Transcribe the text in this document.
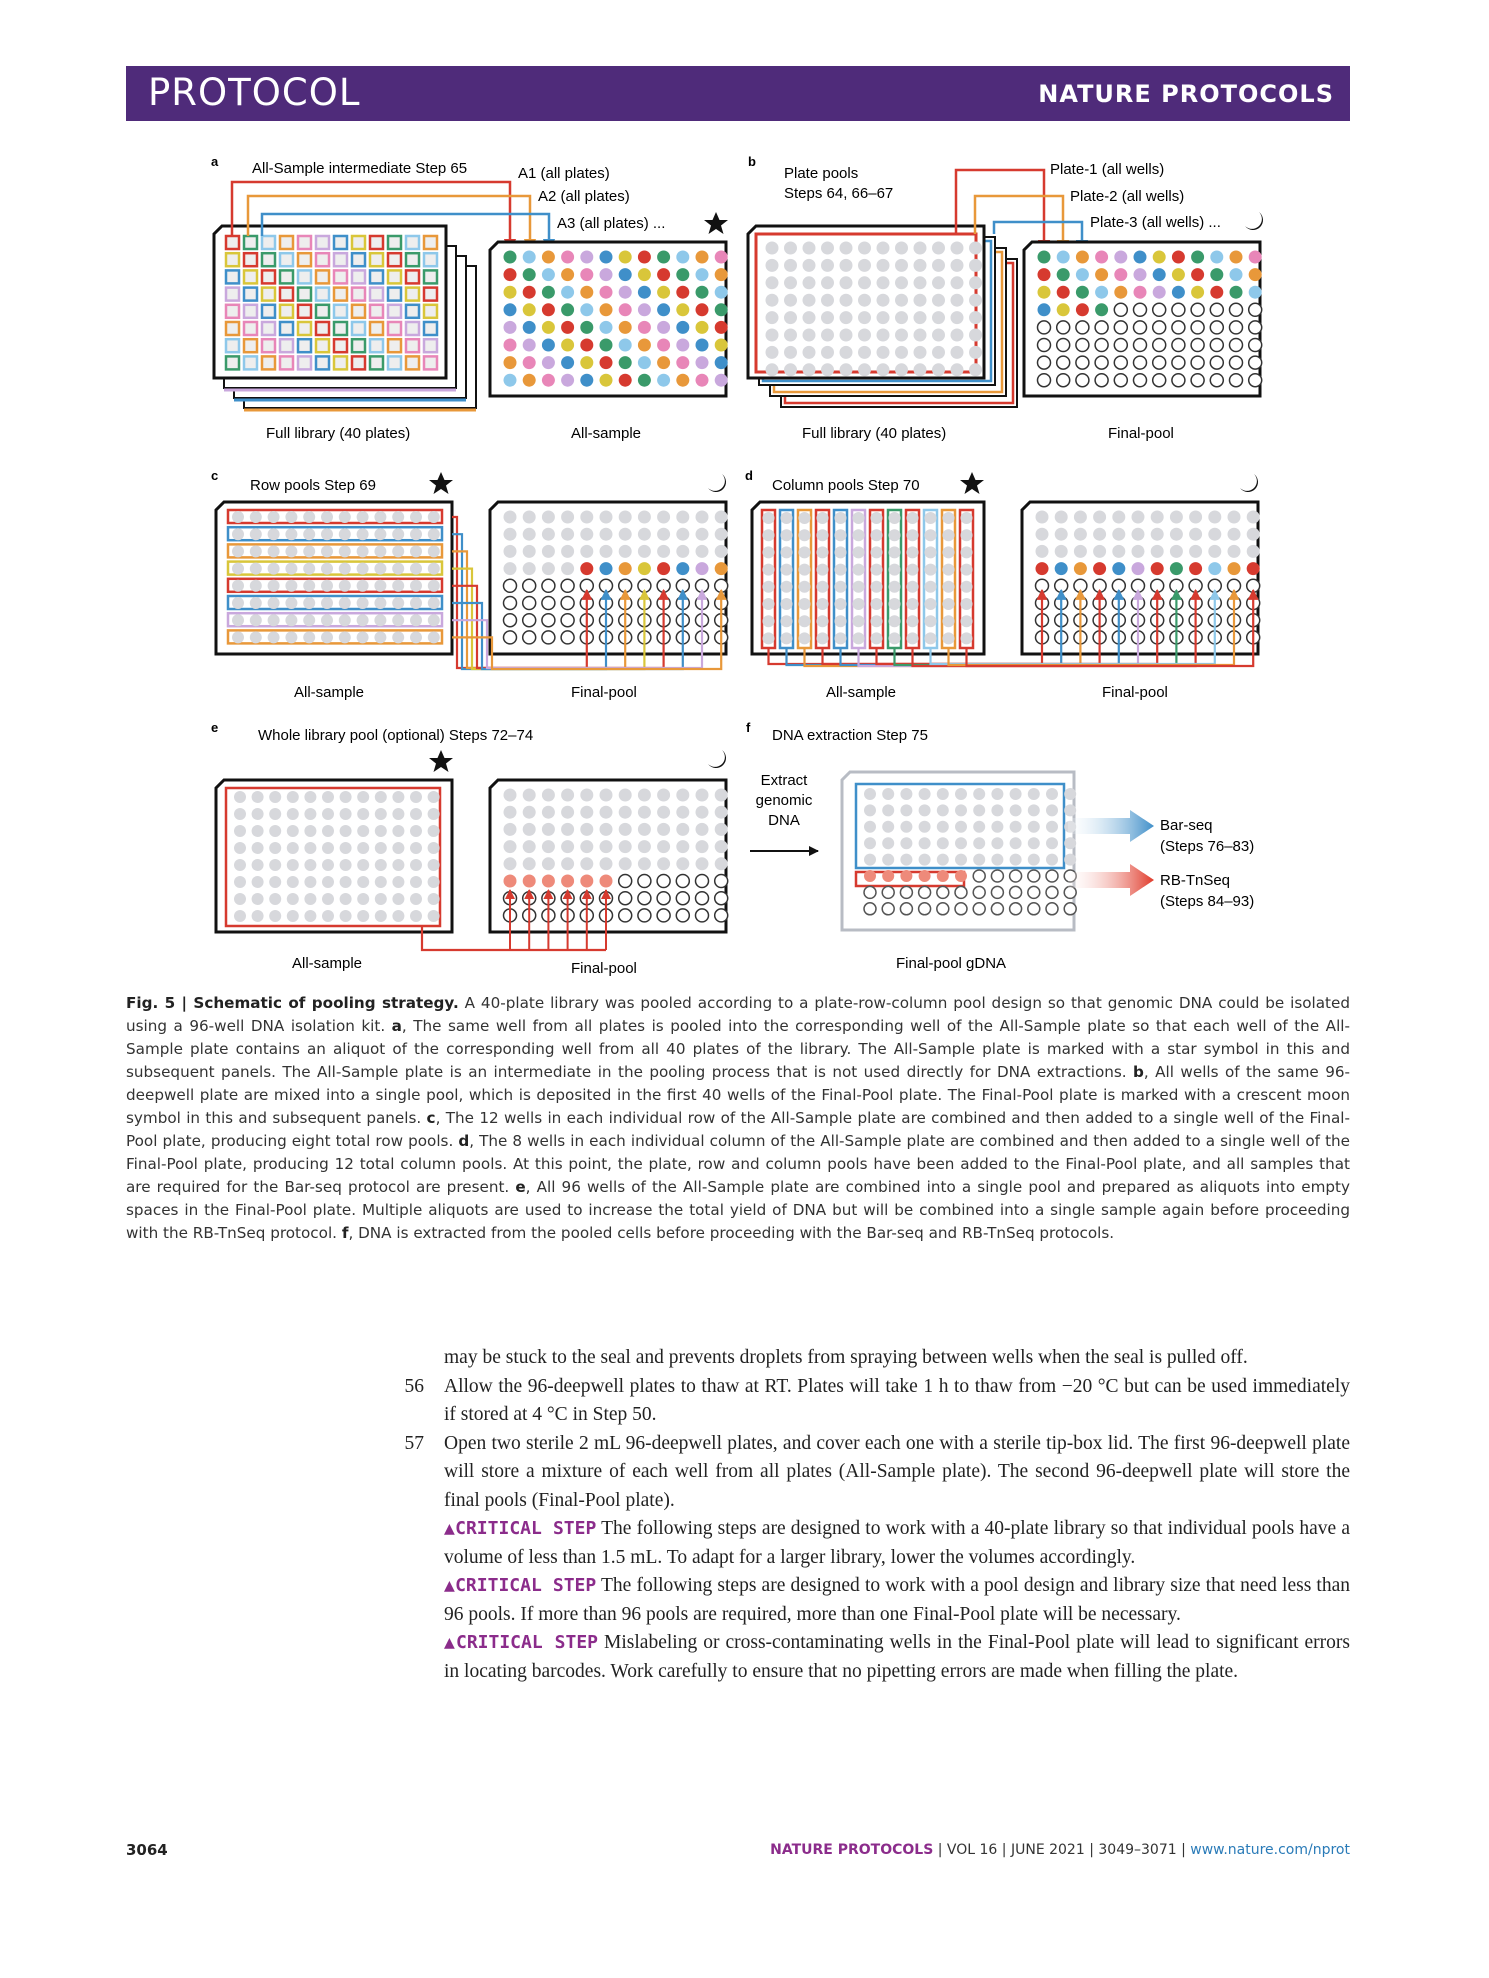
PROTOCOL	NATURE PROTOCOLS
a All-Sample intermediate Step 65	A1 (all plates)
A2 (all plates)
A3 (all plates) ...
Full library (40 plates)	All-sample
b
Plate pools
Steps 64, 66–67
Plate-1 (all wells)
Plate-2 (all wells)
Plate-3 (all wells) ...
Full library (40 plates)	Final-pool
c
Row pools Step 69
All-sample	Final-pool
d
Column pools Step 70
All-sample	Final-pool
e	Whole library pool (optional) Steps 72–74
All-sample	Final-pool
f DNA extraction Step 75
Extract
genomic
DNA	Bar-seq
(Steps 76–83)
RB-TnSeq
(Steps 84–93)
Final-pool gDNA
Fig. 5 | Schematic of pooling strategy. A 40-plate library was pooled according to a plate-row-column pool design so that genomic DNA could be isolated using a 96-well DNA isolation kit. a, The same well from all plates is pooled into the corresponding well of the All-Sample plate so that each well of the All-Sample plate contains an aliquot of the corresponding well from all 40 plates of the library. The All-Sample plate is marked with a star symbol in this and subsequent panels. The All-Sample plate is an intermediate in the pooling process that is not used directly for DNA extractions. b, All wells of the same 96-deepwell plate are mixed into a single pool, which is deposited in the first 40 wells of the Final-Pool plate. The Final-Pool plate is marked with a crescent moon symbol in this and subsequent panels. c, The 12 wells in each individual row of the All-Sample plate are combined and then added to a single well of the Final-Pool plate, producing eight total row pools. d, The 8 wells in each individual column of the All-Sample plate are combined and then added to a single well of the Final-Pool plate, producing 12 total column pools. At this point, the plate, row and column pools have been added to the Final-Pool plate, and all samples that are required for the Bar-seq protocol are present. e, All 96 wells of the All-Sample plate are combined into a single pool and prepared as aliquots into empty spaces in the Final-Pool plate. Multiple aliquots are used to increase the total yield of DNA but will be combined into a single sample again before proceeding with the RB-TnSeq protocol. f, DNA is extracted from the pooled cells before proceeding with the Bar-seq and RB-TnSeq protocols.
may be stuck to the seal and prevents droplets from spraying between wells when the seal is pulled off.
56 Allow the 96-deepwell plates to thaw at RT. Plates will take 1 h to thaw from −20 °C but can be used immediately if stored at 4 °C in Step 50.
57 Open two sterile 2 mL 96-deepwell plates, and cover each one with a sterile tip-box lid. The first 96-deepwell plate will store a mixture of each well from all plates (All-Sample plate). The second 96-deepwell plate will store the final pools (Final-Pool plate).
▲CRITICAL STEP The following steps are designed to work with a 40-plate library so that individual pools have a volume of less than 1.5 mL. To adapt for a larger library, lower the volumes accordingly.
▲CRITICAL STEP The following steps are designed to work with a pool design and library size that need less than 96 pools. If more than 96 pools are required, more than one Final-Pool plate will be necessary.
▲CRITICAL STEP Mislabeling or cross-contaminating wells in the Final-Pool plate will lead to significant errors in locating barcodes. Work carefully to ensure that no pipetting errors are made when filling the plate.
3064	NATURE PROTOCOLS | VOL 16 | JUNE 2021 | 3049–3071 | www.nature.com/nprot
